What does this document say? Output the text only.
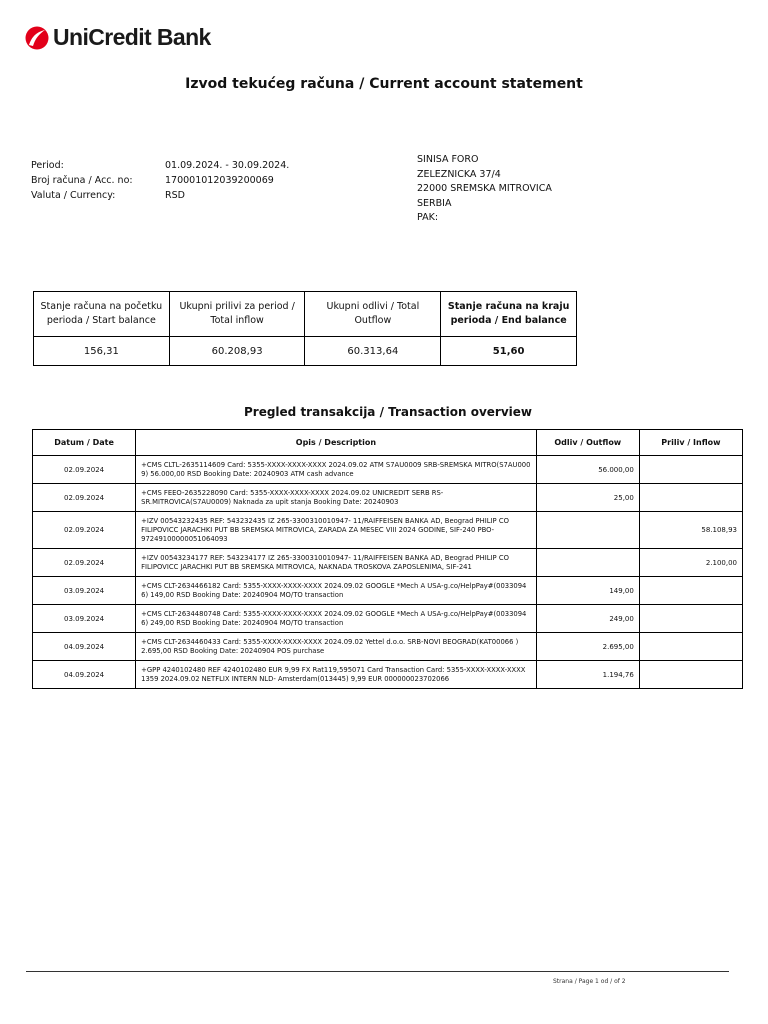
UniCredit Bank
Izvod tekućeg računa / Current account statement
Period:	01.09.2024. - 30.09.2024.
Broj računa / Acc. no:	170001012039200069
Valuta / Currency:	RSD
SINISA FORO
ZELEZNICKA 37/4
22000 SREMSKA MITROVICA
SERBIA
PAK:
Stanje računa na početku perioda / Start balance	Ukupni prilivi za period / Total inflow	Ukupni odlivi / Total Outflow	Stanje računa na kraju perioda / End balance
156,31	60.208,93	60.313,64	51,60
Pregled transakcija / Transaction overview
Datum / Date	Opis / Description	Odliv / Outflow	Priliv / Inflow
02.09.2024	+CMS CLTL-2635114609 Card: 5355-XXXX-XXXX-XXXX 2024.09.02 ATM S7AU0009 SRB-SREMSKA MITRO(S7AU000 9) 56.000,00 RSD Booking Date: 20240903 ATM cash advance	56.000,00	
02.09.2024	+CMS FEEO-2635228090 Card: 5355-XXXX-XXXX-XXXX 2024.09.02 UNICREDIT SERB RS-SR.MITROVICA(S7AU0009) Naknada za upit stanja Booking Date: 20240903	25,00	
02.09.2024	+IZV 00543232435 REF: 543232435 IZ 265-3300310010947- 11/RAIFFEISEN BANKA AD, Beograd PHILIP CO FILIPOVICC JARACHKI PUT BB SREMSKA MITROVICA, ZARADA ZA MESEC VIII 2024 GODINE, SIF-240 PBO-97249100000051064093		58.108,93
02.09.2024	+IZV 00543234177 REF: 543234177 IZ 265-3300310010947- 11/RAIFFEISEN BANKA AD, Beograd PHILIP CO FILIPOVICC JARACHKI PUT BB SREMSKA MITROVICA, NAKNADA TROSKOVA ZAPOSLENIMA, SIF-241		2.100,00
03.09.2024	+CMS CLT-2634466182 Card: 5355-XXXX-XXXX-XXXX 2024.09.02 GOOGLE *Mech A USA-g.co/HelpPay#(0033094 6) 149,00 RSD Booking Date: 20240904 MO/TO transaction	149,00	
03.09.2024	+CMS CLT-2634480748 Card: 5355-XXXX-XXXX-XXXX 2024.09.02 GOOGLE *Mech A USA-g.co/HelpPay#(0033094 6) 249,00 RSD Booking Date: 20240904 MO/TO transaction	249,00	
04.09.2024	+CMS CLT-2634460433 Card: 5355-XXXX-XXXX-XXXX 2024.09.02 Yettel d.o.o. SRB-NOVI BEOGRAD(KAT00066 ) 2.695,00 RSD Booking Date: 20240904 POS purchase	2.695,00	
04.09.2024	+GPP 4240102480 REF 4240102480 EUR 9,99 FX Rat119,595071 Card Transaction Card: 5355-XXXX-XXXX-XXXX 1359 2024.09.02 NETFLIX INTERN NLD- Amsterdam(013445) 9,99 EUR 000000023702066	1.194,76	
Strana / Page 1 od / of 2
